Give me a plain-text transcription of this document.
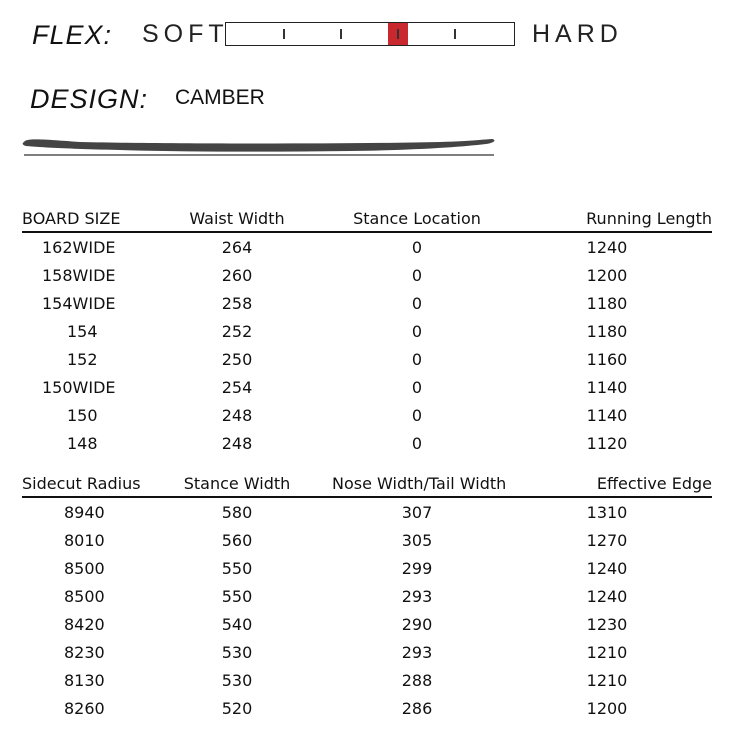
FLEX: SOFT	HARD
DESIGN: CAMBER
BOARD SIZE	Waist Width	Stance Location	Running Length
162WIDE	264	0	1240
158WIDE	260	0	1200
154WIDE	258	0	1180
154	252	0	1180
152	250	0	1160
150WIDE	254	0	1140
150	248	0	1140
148	248	0	1120
Sidecut Radius	Stance Width	Nose Width/Tail Width	Effective Edge
8940	580	307	1310
8010	560	305	1270
8500	550	299	1240
8500	550	293	1240
8420	540	290	1230
8230	530	293	1210
8130	530	288	1210
8260	520	286	1200
